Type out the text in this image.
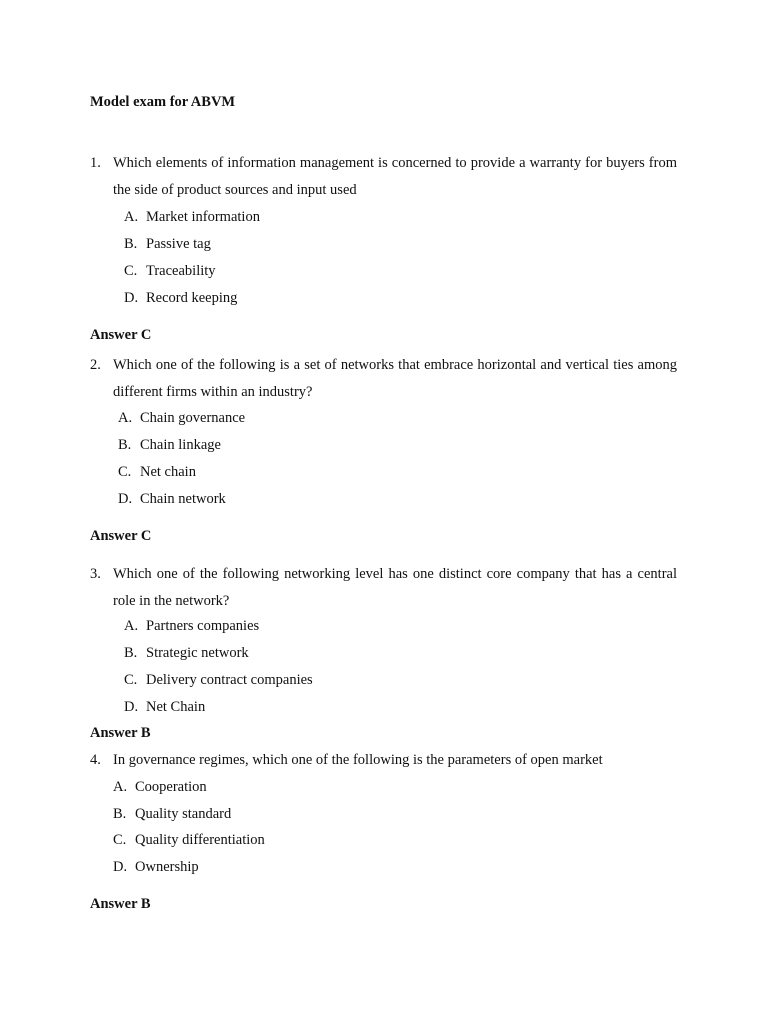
Model exam for ABVM
1. Which elements of information management is concerned to provide a warranty for buyers from the side of product sources and input used
A. Market information
B. Passive tag
C. Traceability
D. Record keeping
Answer C
2. Which one of the following is a set of networks that embrace horizontal and vertical ties among different firms within an industry?
A. Chain governance
B. Chain linkage
C. Net chain
D. Chain network
Answer C
3. Which one of the following networking level has one distinct core company that has a central role in the network?
A. Partners companies
B. Strategic network
C. Delivery contract companies
D. Net Chain
Answer B
4. In governance regimes, which one of the following is the parameters of open market
A. Cooperation
B. Quality standard
C. Quality differentiation
D. Ownership
Answer B
